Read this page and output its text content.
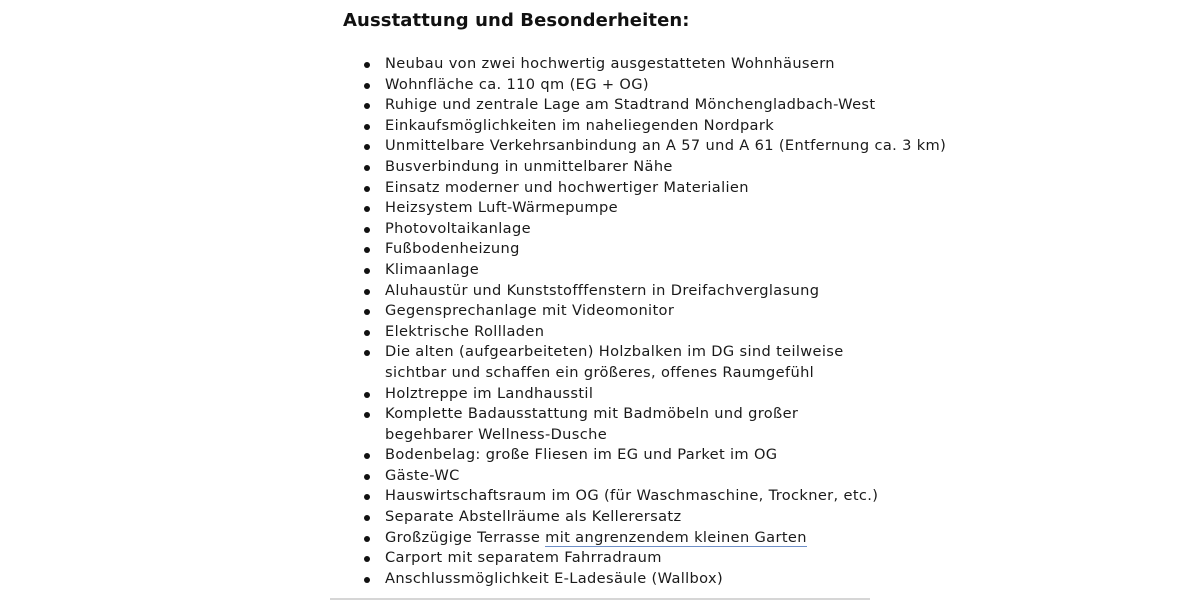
Ausstattung und Besonderheiten:
Neubau von zwei hochwertig ausgestatteten Wohnhäusern
Wohnfläche ca. 110 qm (EG + OG)
Ruhige und zentrale Lage am Stadtrand Mönchengladbach-West
Einkaufsmöglichkeiten im naheliegenden Nordpark
Unmittelbare Verkehrsanbindung an A 57 und A 61 (Entfernung ca. 3 km)
Busverbindung in unmittelbarer Nähe
Einsatz moderner und hochwertiger Materialien
Heizsystem Luft-Wärmepumpe
Photovoltaikanlage
Fußbodenheizung
Klimaanlage
Aluhaustür und Kunststofffenstern in Dreifachverglasung
Gegensprechanlage mit Videomonitor
Elektrische Rollladen
Die alten (aufgearbeiteten) Holzbalken im DG sind teilweise sichtbar und schaffen ein größeres, offenes Raumgefühl
Holztreppe im Landhausstil
Komplette Badausstattung mit Badmöbeln und großer begehbarer Wellness-Dusche
Bodenbelag: große Fliesen im EG und Parket im OG
Gäste-WC
Hauswirtschaftsraum im OG (für Waschmaschine, Trockner, etc.)
Separate Abstellräume als Kellerersatz
Großzügige Terrasse mit angrenzendem kleinen Garten
Carport mit separatem Fahrradraum
Anschlussmöglichkeit E-Ladesäule (Wallbox)
